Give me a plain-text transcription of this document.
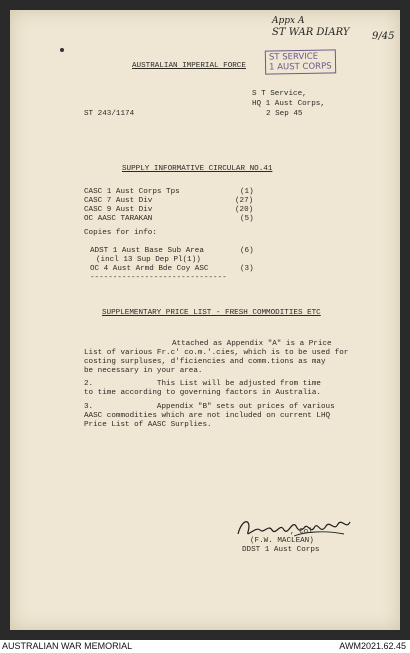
Appx A
ST WAR DIARY 9/45
ST SERVICE
1 AUST CORPS
AUSTRALIAN IMPERIAL FORCE
S T Service,
HQ 1 Aust Corps,
ST 243/1174	2 Sep 45
SUPPLY INFORMATIVE CIRCULAR NO.41
CASC 1 Aust Corps Tps	(1)
CASC 7 Aust Div	(27)
CASC 9 Aust Div	(20)
OC AASC TARAKAN	(5)
Copies for info:
ADST 1 Aust Base Sub Area	(6)
(incl 13 Sup Dep Pl(1))
OC 4 Aust Armd Bde Coy ASC	(3)
------------------------------
SUPPLEMENTARY PRICE LIST - FRESH COMMODITIES ETC
Attached as Appendix "A" is a Price
List of various Fr.c' co.m.'.cies, which is to be used for
costing surpluses, d'ficiencies and comm.tions as may
be necessary in your area.
2.              This List will be adjusted from time
to time according to governing factors in Australia.
3.              Appendix "B" sets out prices of various
AASC commodities which are not included on current LHQ
Price List of AASC Surplies.
, Col
(F.W. MACLEAN)
DDST 1 Aust Corps
AUSTRALIAN WAR MEMORIAL	AWM2021.62.45
